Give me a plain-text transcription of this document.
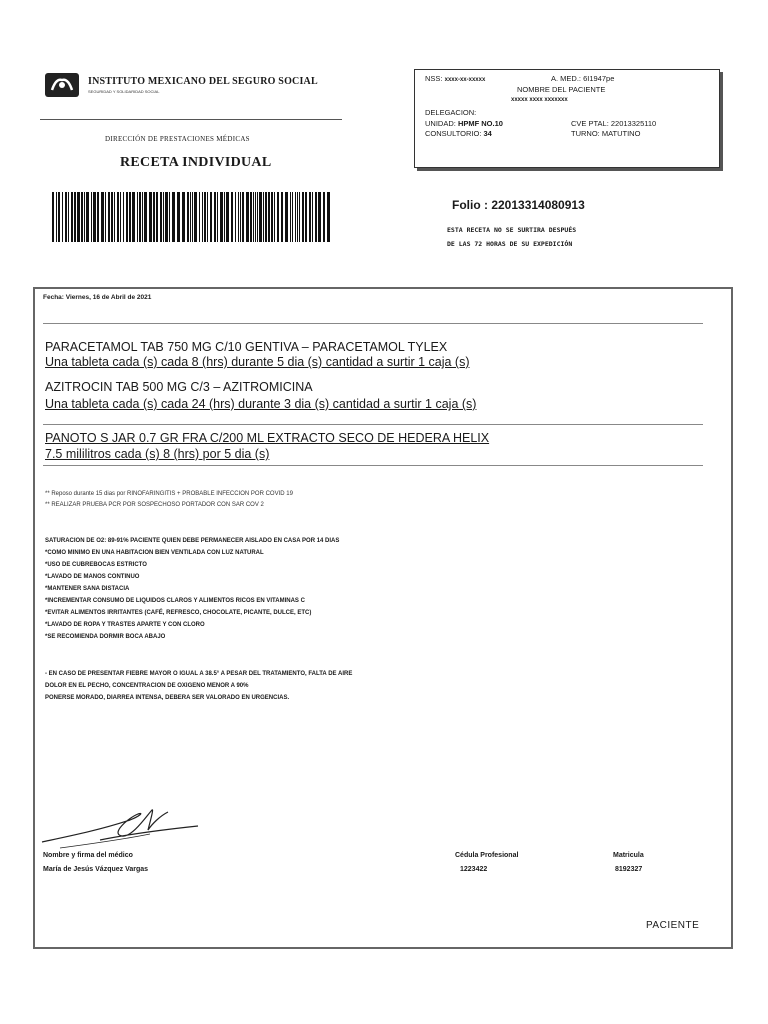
INSTITUTO MEXICANO DEL SEGURO SOCIAL
SEGURIDAD Y SOLIDARIDAD SOCIAL
DIRECCIÓN DE PRESTACIONES MÉDICAS
RECETA INDIVIDUAL
NSS: xxxx-xx-xxxxx	A. MED.: 6I1947pe
NOMBRE DEL PACIENTE
xxxxx xxxx xxxxxxx
DELEGACION:
UNIDAD: HPMF NO.10	CVE PTAL: 22013325110
CONSULTORIO: 34	TURNO: MATUTINO
Folio : 22013314080913
ESTA RECETA NO SE SURTIRA DESPUÉS
DE LAS 72 HORAS DE SU EXPEDICIÓN
Fecha: Viernes, 16 de Abril de 2021
PARACETAMOL TAB 750 MG C/10 GENTIVA – PARACETAMOL TYLEX
Una tableta cada (s) cada 8 (hrs) durante 5 dia (s) cantidad a surtir 1 caja (s)
AZITROCIN TAB 500 MG C/3 – AZITROMICINA
Una tableta cada (s) cada 24 (hrs) durante 3 dia (s) cantidad a surtir 1 caja (s)
PANOTO S JAR 0.7 GR FRA C/200 ML EXTRACTO SECO DE HEDERA HELIX
7.5 mililitros cada (s) 8 (hrs) por 5 dia (s)
** Reposo durante 15 dias por RINOFARINGITIS + PROBABLE INFECCION POR COVID 19
** REALIZAR PRUEBA PCR POR SOSPECHOSO PORTADOR CON SAR COV 2
SATURACION DE O2: 89-91% PACIENTE QUIEN DEBE PERMANECER AISLADO EN CASA POR 14 DIAS
*COMO MINIMO EN UNA HABITACION BIEN VENTILADA CON LUZ NATURAL
*USO DE CUBREBOCAS ESTRICTO
*LAVADO DE MANOS CONTINUO
*MANTENER SANA DISTACIA
*INCREMENTAR CONSUMO DE LIQUIDOS CLAROS Y ALIMENTOS RICOS EN VITAMINAS C
*EVITAR ALIMENTOS IRRITANTES (CAFÉ, REFRESCO, CHOCOLATE, PICANTE, DULCE, ETC)
*LAVADO DE ROPA Y TRASTES APARTE Y CON CLORO
*SE RECOMIENDA DORMIR BOCA ABAJO
- EN CASO DE PRESENTAR FIEBRE MAYOR O IGUAL A 38.5° A PESAR DEL TRATAMIENTO, FALTA DE AIRE
DOLOR EN EL PECHO, CONCENTRACION DE OXIGENO MENOR A 90%
PONERSE MORADO, DIARREA INTENSA, DEBERA SER VALORADO EN URGENCIAS.
Nombre y firma del médico
María de Jesús Vázquez Vargas
Cédula Profesional
1223422
Matricula
8192327
PACIENTE
